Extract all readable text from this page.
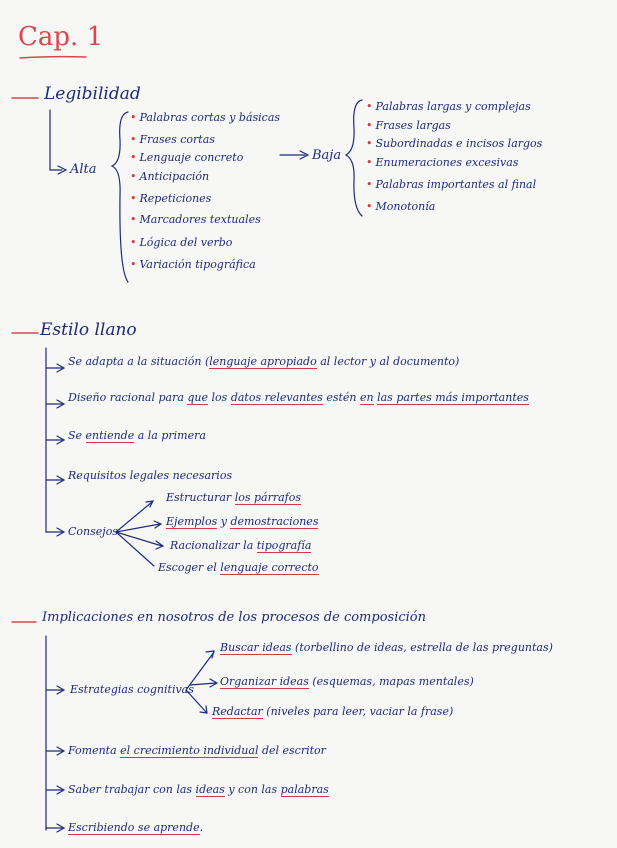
Cap. 1
Legibilidad
Alta
• Palabras cortas y básicas
• Frases cortas
• Lenguaje concreto
• Anticipación
• Repeticiones
• Marcadores textuales
• Lógica del verbo
• Variación tipográfica
Baja
• Palabras largas y complejas
• Frases largas
• Subordinadas e incisos largos
• Enumeraciones excesivas
• Palabras importantes al final
• Monotonía
Estilo llano
Se adapta a la situación (lenguaje apropiado al lector y al documento)
Diseño racional para que los datos relevantes estén en las partes más importantes
Se entiende a la primera
Requisitos legales necesarios
Consejos
Estructurar los párrafos
Ejemplos y demostraciones
Racionalizar la tipografía
Escoger el lenguaje correcto
Implicaciones en nosotros de los procesos de composición
Estrategias cognitivas
Buscar ideas (torbellino de ideas, estrella de las preguntas)
Organizar ideas (esquemas, mapas mentales)
Redactar (niveles para leer, vaciar la frase)
Fomenta el crecimiento individual del escritor
Saber trabajar con las ideas y con las palabras
Escribiendo se aprende.
